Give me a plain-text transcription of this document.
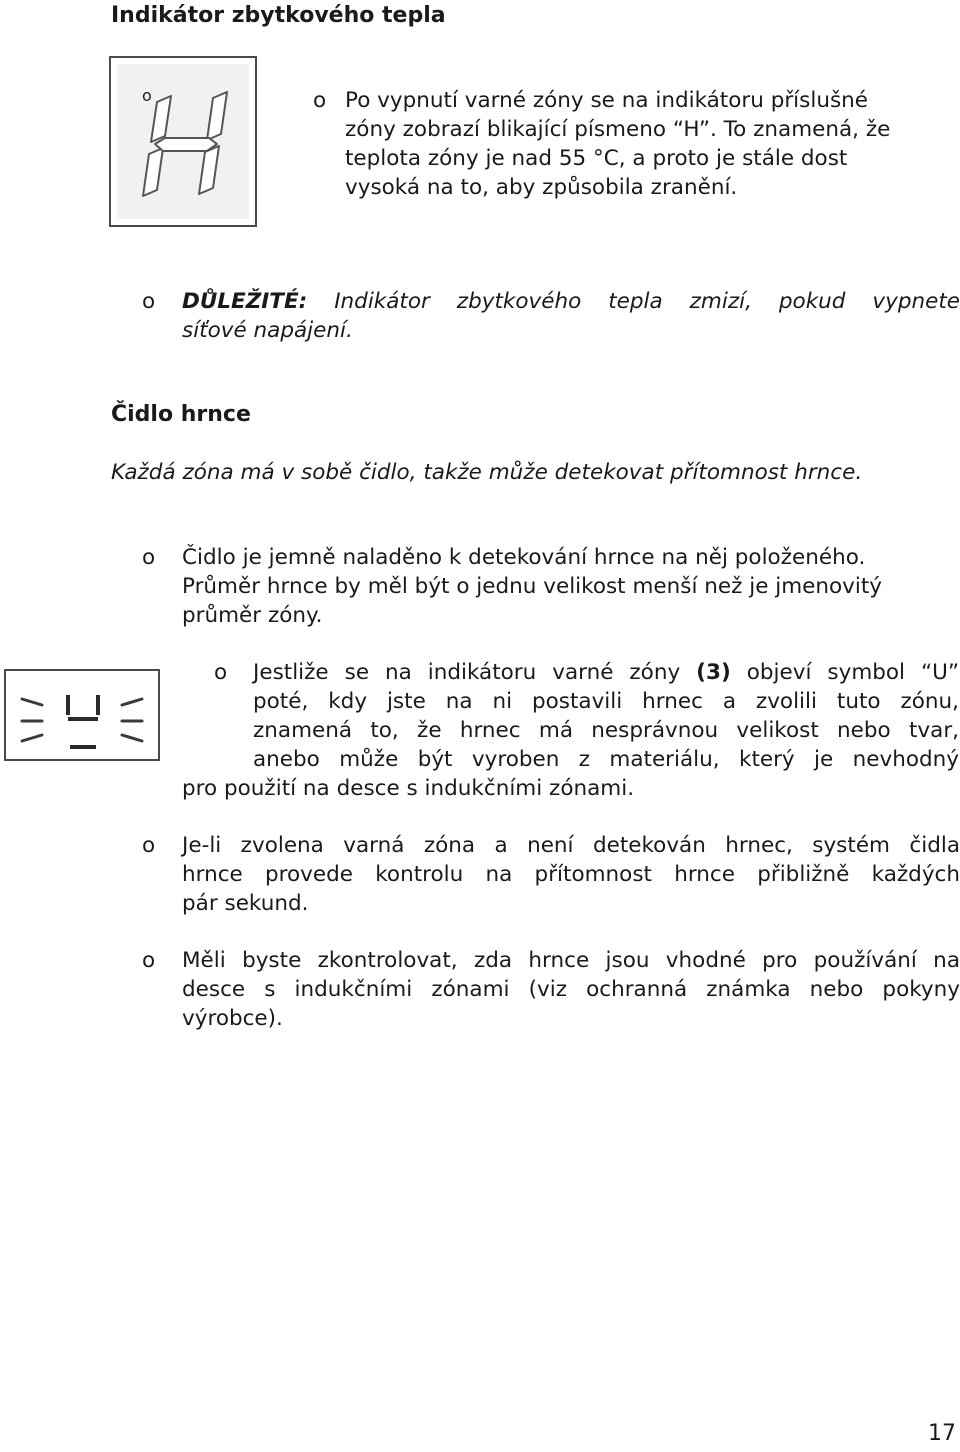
Indikátor zbytkového tepla
o	Po vypnutí varné zóny se na indikátoru příslušné
zóny zobrazí blikající písmeno “H”. To znamená, že
teplota zóny je nad 55 °C, a proto je stále dost
vysoká na to, aby způsobila zranění.
o
o DŮLEŽITÉ: Indikátor zbytkového tepla zmizí, pokud vypnete
síťové napájení.
Čidlo hrnce
Každá zóna má v sobě čidlo, takže může detekovat přítomnost hrnce.
o Čidlo je jemně naladěno k detekování hrnce na něj položeného.
Průměr hrnce by měl být o jednu velikost menší než je jmenovitý
průměr zóny.
o Jestliže se na indikátoru varné zóny (3) objeví symbol “U”
poté, kdy jste na ni postavili hrnec a zvolili tuto zónu,
znamená to, že hrnec má nesprávnou velikost nebo tvar,
anebo může být vyroben z materiálu, který je nevhodný
pro použití na desce s indukčními zónami.
o Je-li zvolena varná zóna a není detekován hrnec, systém čidla
hrnce provede kontrolu na přítomnost hrnce přibližně každých
pár sekund.
o Měli byste zkontrolovat, zda hrnce jsou vhodné pro používání na
desce s indukčními zónami (viz ochranná známka nebo pokyny
výrobce).
17
